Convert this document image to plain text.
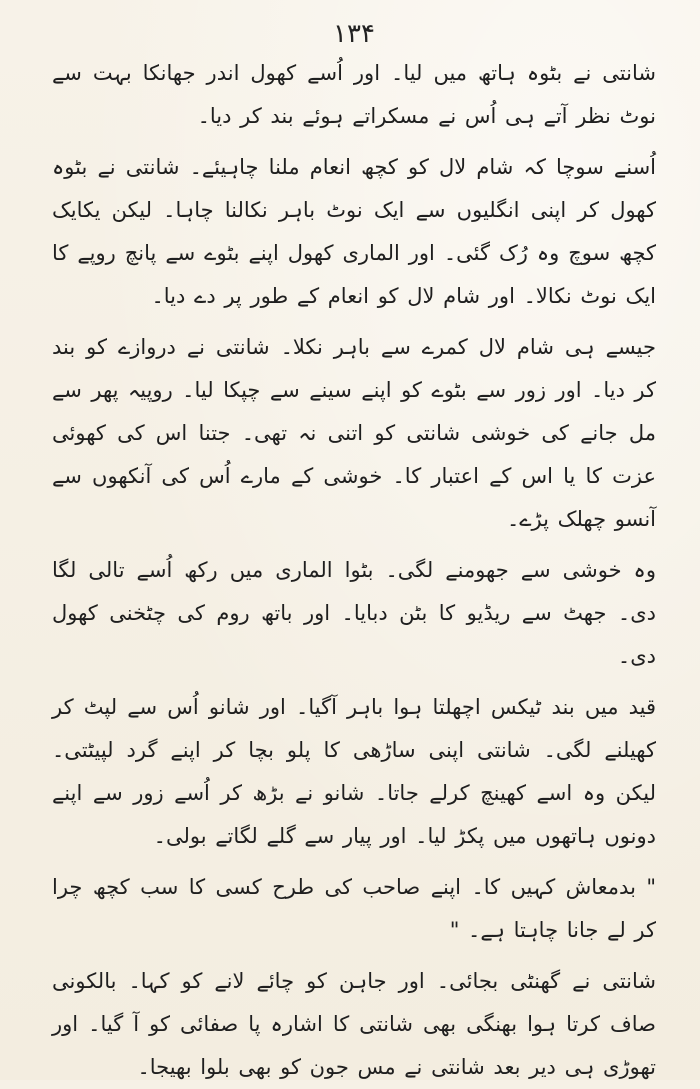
۱۳۴

شانتی نے بٹوہ ہاتھ میں لیا۔ اور اُسے کھول اندر جھانکا بہت سے نوٹ نظر آتے ہی اُس نے مسکراتے ہوئے بند کر دیا۔

اُسنے سوچا کہ شام لال کو کچھ انعام ملنا چاہیئے۔ شانتی نے بٹوہ کھول کر اپنی انگلیوں سے ایک نوٹ باہر نکالنا چاہا۔ لیکن یکایک کچھ سوچ وہ رُک گئی۔ اور الماری کھول اپنے بٹوے سے پانچ روپے کا ایک نوٹ نکالا۔ اور شام لال کو انعام کے طور پر دے دیا۔

جیسے ہی شام لال کمرے سے باہر نکلا۔ شانتی نے دروازے کو بند کر دیا۔ اور زور سے بٹوے کو اپنے سینے سے چپکا لیا۔ روپیہ پھر سے مل جانے کی خوشی شانتی کو اتنی نہ تھی۔ جتنا اس کی کھوئی عزت کا یا اس کے اعتبار کا۔ خوشی کے مارے اُس کی آنکھوں سے آنسو چھلک پڑے۔

وہ خوشی سے جھومنے لگی۔ بٹوا الماری میں رکھ اُسے تالی لگا دی۔ جھٹ سے ریڈیو کا بٹن دبایا۔ اور باتھ روم کی چٹخنی کھول دی۔

قید میں بند ٹیکس اچھلتا ہوا باہر آگیا۔ اور شانو اُس سے لپٹ کر کھیلنے لگی۔ شانتی اپنی ساڑھی کا پلو بچا کر اپنے گرد لپیٹتی۔ لیکن وہ اسے کھینچ کرلے جاتا۔ شانو نے بڑھ کر اُسے زور سے اپنے دونوں ہاتھوں میں پکڑ لیا۔ اور پیار سے گلے لگاتے بولی۔

" بدمعاش کہیں کا۔ اپنے صاحب کی طرح کسی کا سب کچھ چرا کر لے جانا چاہتا ہے۔ "

شانتی نے گھنٹی بجائی۔ اور جاہن کو چائے لانے کو کہا۔ بالکونی صاف کرتا ہوا بھنگی بھی شانتی کا اشارہ پا صفائی کو آ گیا۔ اور تھوڑی ہی دیر بعد شانتی نے مس جون کو بھی بلوا بھیجا۔
